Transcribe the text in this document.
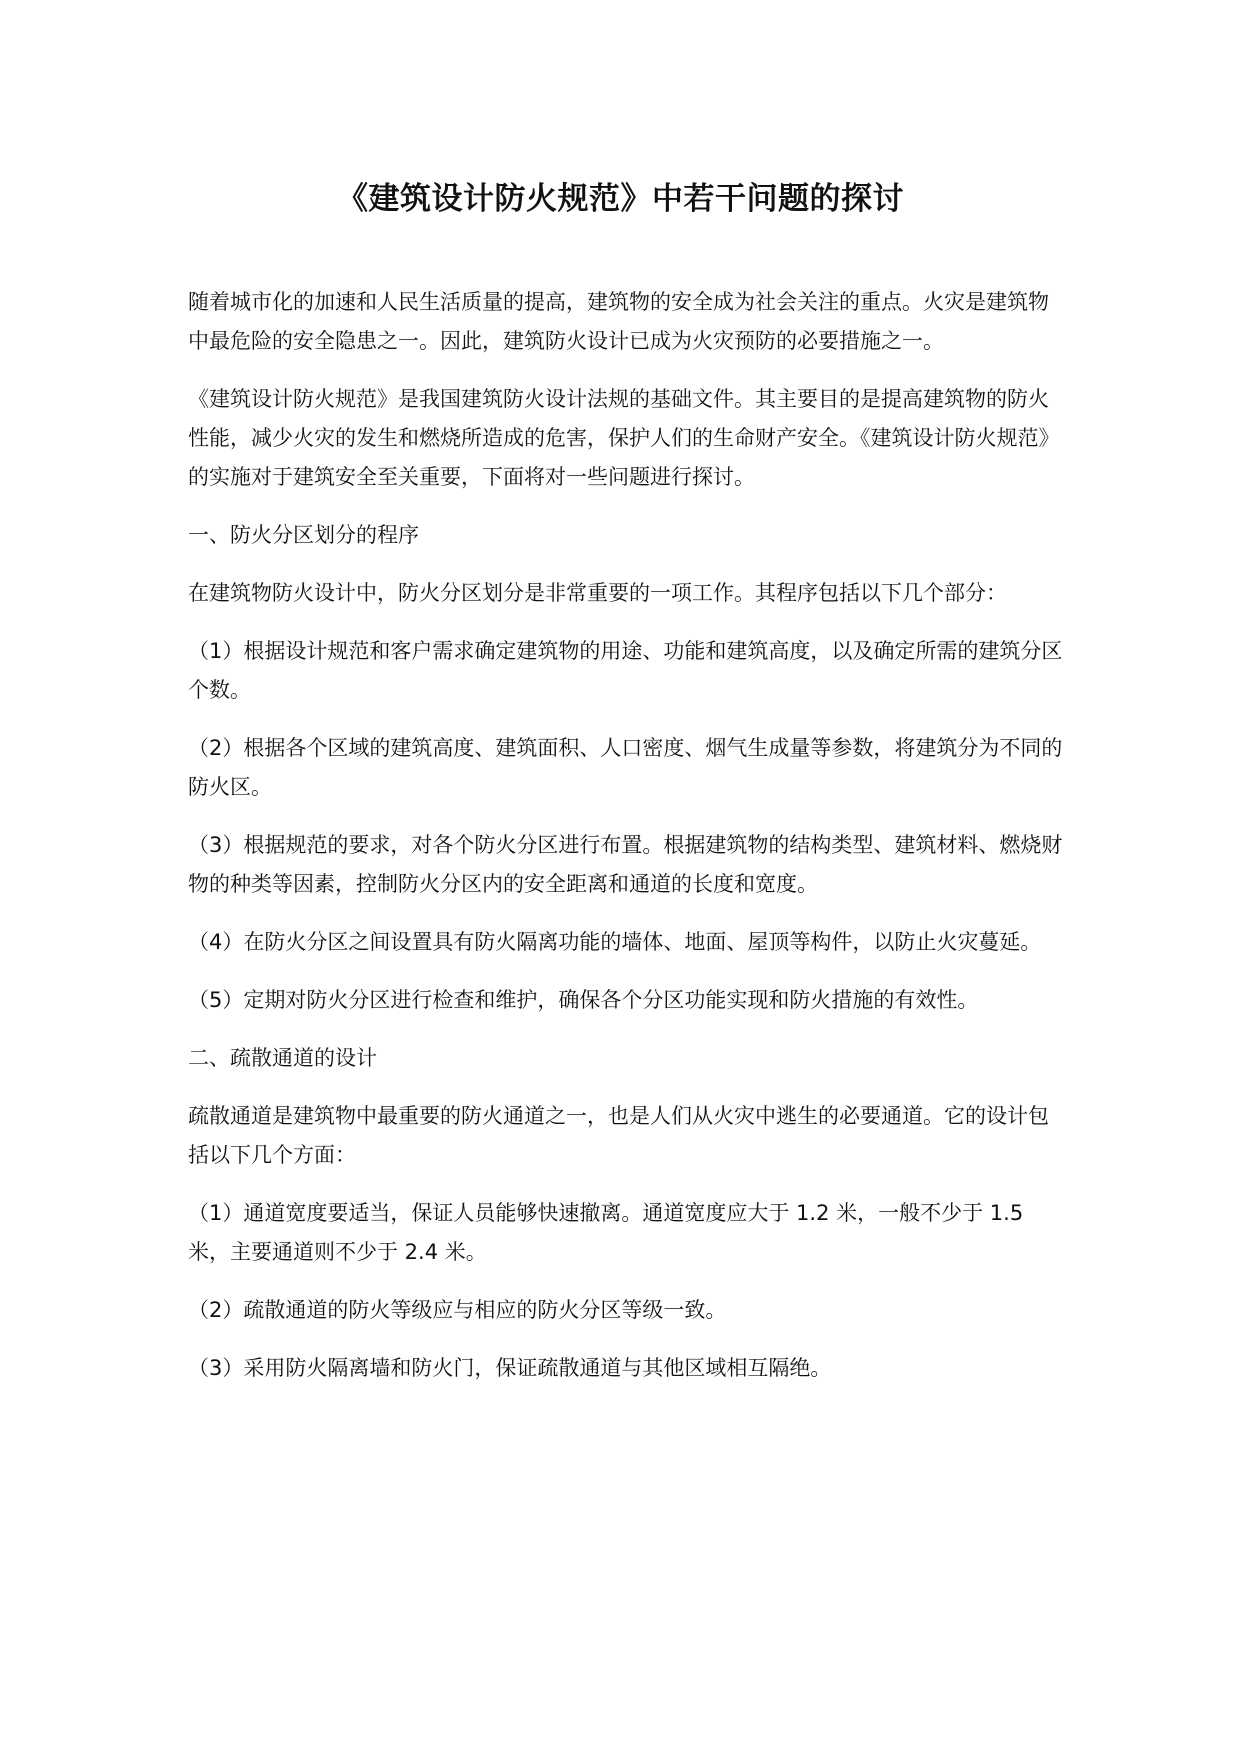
《建筑设计防火规范》中若干问题的探讨

随着城市化的加速和人民生活质量的提高，建筑物的安全成为社会关注的重点。火灾是建筑物中最危险的安全隐患之一。因此，建筑防火设计已成为火灾预防的必要措施之一。

《建筑设计防火规范》是我国建筑防火设计法规的基础文件。其主要目的是提高建筑物的防火性能，减少火灾的发生和燃烧所造成的危害，保护人们的生命财产安全。《建筑设计防火规范》的实施对于建筑安全至关重要，下面将对一些问题进行探讨。

一、防火分区划分的程序

在建筑物防火设计中，防火分区划分是非常重要的一项工作。其程序包括以下几个部分：

（1）根据设计规范和客户需求确定建筑物的用途、功能和建筑高度，以及确定所需的建筑分区个数。

（2）根据各个区域的建筑高度、建筑面积、人口密度、烟气生成量等参数，将建筑分为不同的防火区。

（3）根据规范的要求，对各个防火分区进行布置。根据建筑物的结构类型、建筑材料、燃烧财物的种类等因素，控制防火分区内的安全距离和通道的长度和宽度。

（4）在防火分区之间设置具有防火隔离功能的墙体、地面、屋顶等构件，以防止火灾蔓延。

（5）定期对防火分区进行检查和维护，确保各个分区功能实现和防火措施的有效性。

二、疏散通道的设计

疏散通道是建筑物中最重要的防火通道之一，也是人们从火灾中逃生的必要通道。它的设计包括以下几个方面：

（1）通道宽度要适当，保证人员能够快速撤离。通道宽度应大于 1.2 米，一般不少于 1.5 米，主要通道则不少于 2.4 米。

（2）疏散通道的防火等级应与相应的防火分区等级一致。

（3）采用防火隔离墙和防火门，保证疏散通道与其他区域相互隔绝。
